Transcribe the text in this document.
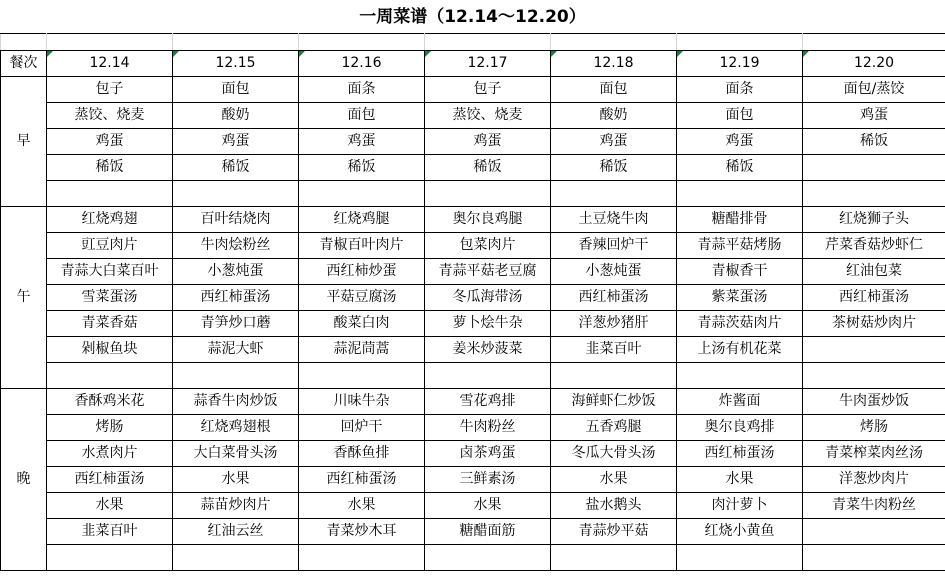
一周菜谱（12.14～12.20）

餐次	12.14	12.15	12.16	12.17	12.18	12.19	12.20
早	包子	面包	面条	包子	面包	面条	面包/蒸饺
	蒸饺、烧麦	酸奶	面包	蒸饺、烧麦	酸奶	面包	鸡蛋
	鸡蛋	鸡蛋	鸡蛋	鸡蛋	鸡蛋	鸡蛋	稀饭
	稀饭	稀饭	稀饭	稀饭	稀饭	稀饭	

午	红烧鸡翅	百叶结烧肉	红烧鸡腿	奥尔良鸡腿	土豆烧牛肉	糖醋排骨	红烧狮子头
	豇豆肉片	牛肉烩粉丝	青椒百叶肉片	包菜肉片	香辣回炉干	青蒜平菇烤肠	芹菜香菇炒虾仁
	青蒜大白菜百叶	小葱炖蛋	西红柿炒蛋	青蒜平菇老豆腐	小葱炖蛋	青椒香干	红油包菜
	雪菜蛋汤	西红柿蛋汤	平菇豆腐汤	冬瓜海带汤	西红柿蛋汤	紫菜蛋汤	西红柿蛋汤
	青菜香菇	青笋炒口蘑	酸菜白肉	萝卜烩牛杂	洋葱炒猪肝	青蒜茨菇肉片	茶树菇炒肉片
	剁椒鱼块	蒜泥大虾	蒜泥茼蒿	姜米炒菠菜	韭菜百叶	上汤有机花菜	

晚	香酥鸡米花	蒜香牛肉炒饭	川味牛杂	雪花鸡排	海鲜虾仁炒饭	炸酱面	牛肉蛋炒饭
	烤肠	红烧鸡翅根	回炉干	牛肉粉丝	五香鸡腿	奥尔良鸡排	烤肠
	水煮肉片	大白菜骨头汤	香酥鱼排	卤茶鸡蛋	冬瓜大骨头汤	西红柿蛋汤	青菜榨菜肉丝汤
	西红柿蛋汤	水果	西红柿蛋汤	三鲜素汤	水果	水果	洋葱炒肉片
	水果	蒜苗炒肉片	水果	水果	盐水鹅头	肉汁萝卜	青菜牛肉粉丝
	韭菜百叶	红油云丝	青菜炒木耳	糖醋面筋	青蒜炒平菇	红烧小黄鱼	
